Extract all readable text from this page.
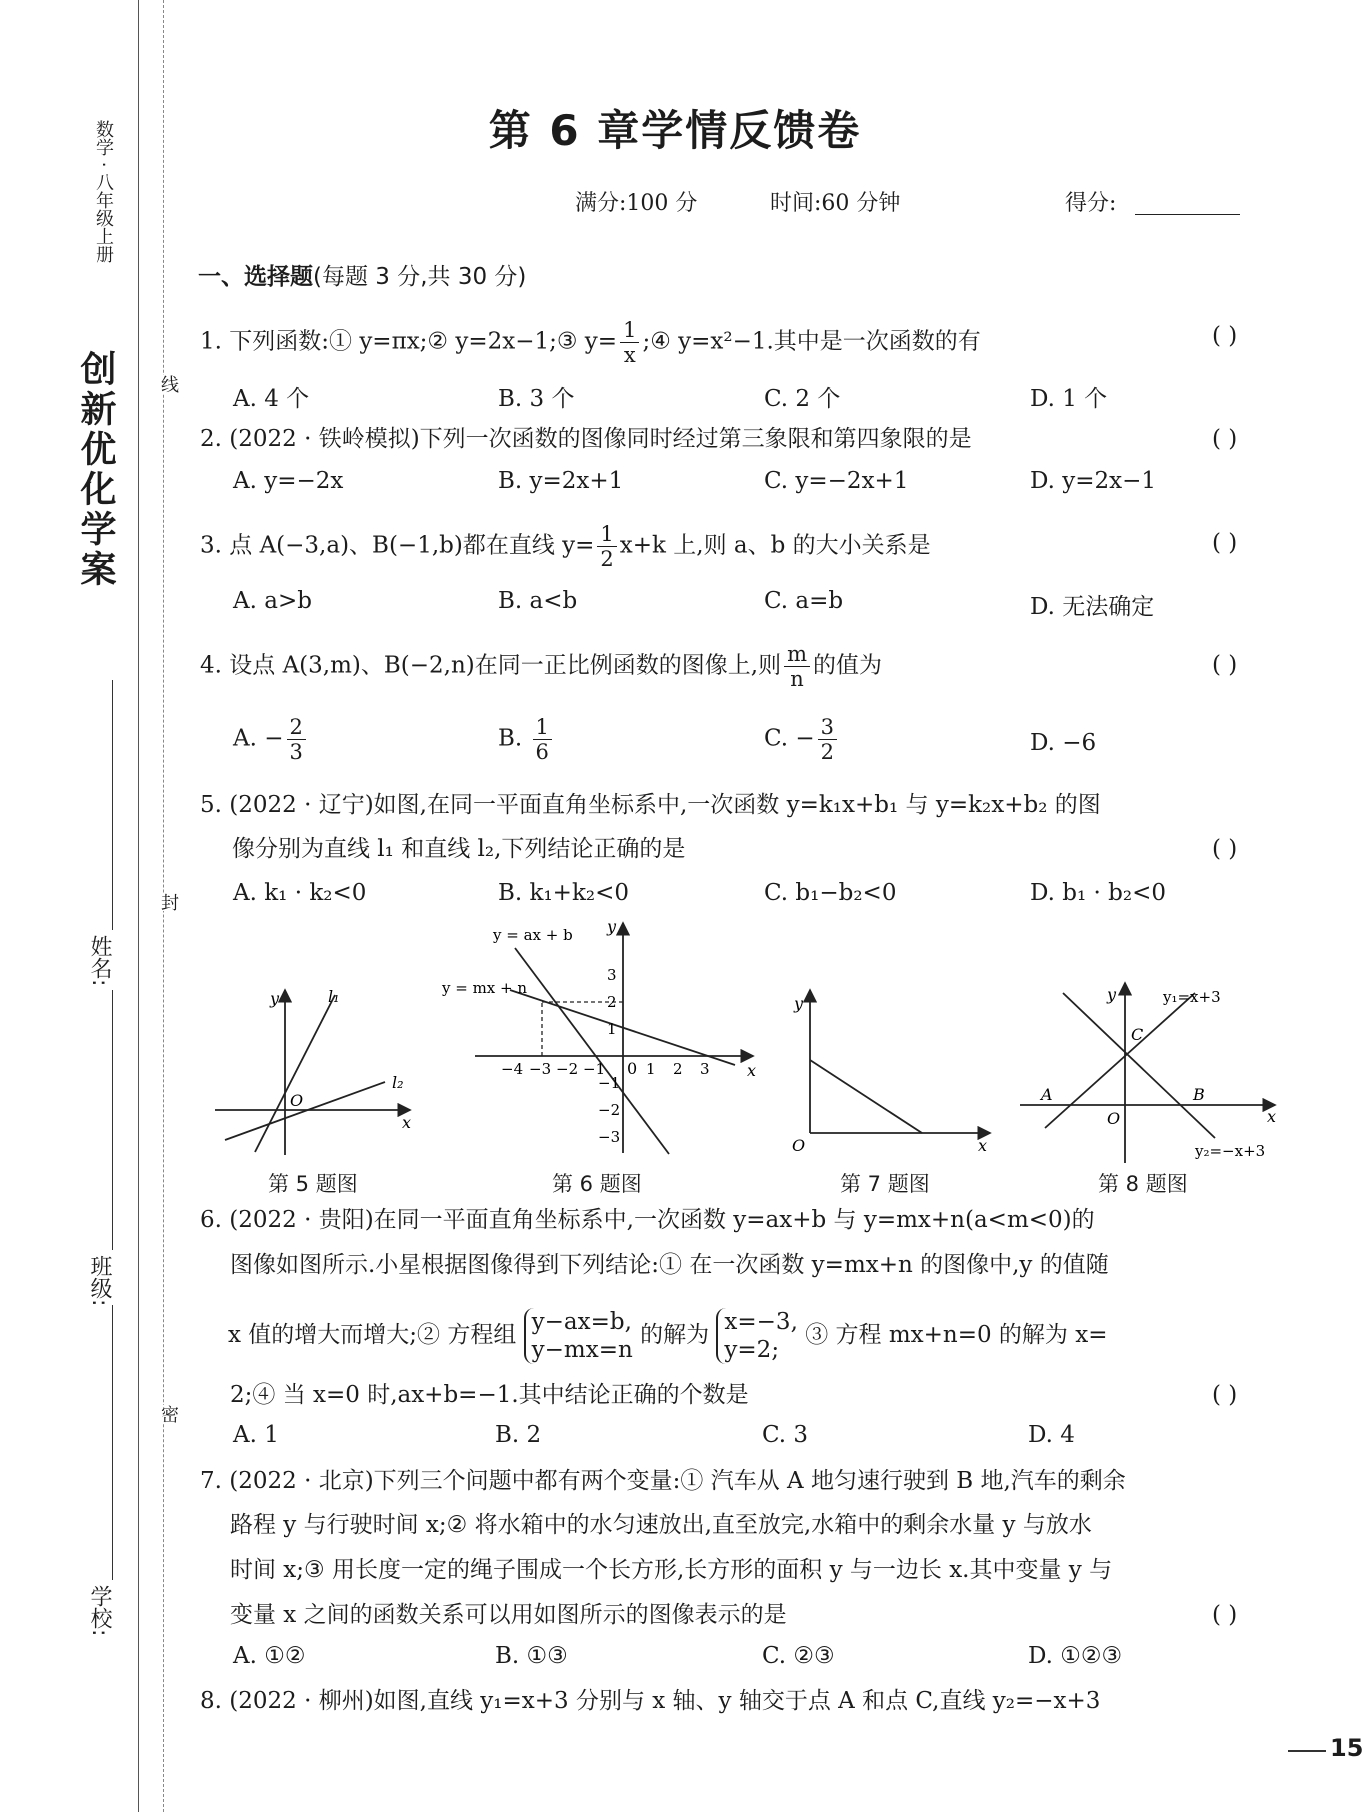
创新优化学案
数学 · 八年级上册
线
封
密
姓名:
班级:
学校:
第 6 章学情反馈卷
满分:100 分	时间:60 分钟	得分:
一、选择题(每题 3 分,共 30 分)
1. 下列函数:① y=πx;② y=2x−1;③ $y= \frac{1}{x}$ ;④ y=x²−1.其中是一次函数的有	( )
A. 4 个	B. 3 个	C. 2 个	D. 1 个
2. (2022 · 铁岭模拟)下列一次函数的图像同时经过第三象限和第四象限的是	( )
A. y=−2x	B. y=2x+1	C. y=−2x+1	D. y=2x−1
3. 点 A(−3,a)、B(−1,b)都在直线 $y= \frac{1}{2} x+k$ 上,则 a、b 的大小关系是	( )
A. a>b	B. a<b	C. a=b	D. 无法确定
4. 设点 A(3,m)、B(−2,n)在同一正比例函数的图像上,则 $\frac{m}{n}$ 的值为	( )
A. − $\frac{2}{3}$	B. $\frac{1}{6}$	C. − $\frac{3}{2}$	D. −6
5. (2022 · 辽宁)如图,在同一平面直角坐标系中,一次函数 y=k₁x+b₁ 与 y=k₂x+b₂ 的图
像分别为直线 l₁ 和直线 l₂,下列结论正确的是	( )
A. k₁ · k₂<0	B. k₁+k₂<0	C. b₁−b₂<0	D. b₁ · b₂<0
y
x
O
l₁
l₂
第 5 题图
y = ax + b
y = mx + n
y
x
0
−4 −3 −2 −1	1 2 3
3
2
1
−1
−2
−3
第 6 题图
y
x
O
第 7 题图
y
x
O
A	B
C
y₁=x+3
y₂=−x+3
第 8 题图
6. (2022 · 贵阳)在同一平面直角坐标系中,一次函数 y=ax+b 与 y=mx+n(a<m<0)的
图像如图所示.小星根据图像得到下列结论:① 在一次函数 y=mx+n 的图像中,y 的值随
x 值的增大而增大;② 方程组 y−ax=b,
y−mx=n
的解为 x=−3,
y=2;
③ 方程 mx+n=0 的解为 x=
2;④ 当 x=0 时,ax+b=−1.其中结论正确的个数是	( )
A. 1	B. 2	C. 3	D. 4
7. (2022 · 北京)下列三个问题中都有两个变量:① 汽车从 A 地匀速行驶到 B 地,汽车的剩余
路程 y 与行驶时间 x;② 将水箱中的水匀速放出,直至放完,水箱中的剩余水量 y 与放水
时间 x;③ 用长度一定的绳子围成一个长方形,长方形的面积 y 与一边长 x.其中变量 y 与
变量 x 之间的函数关系可以用如图所示的图像表示的是	( )
A. ①②	B. ①③	C. ②③	D. ①②③
8. (2022 · 柳州)如图,直线 y₁=x+3 分别与 x 轴、y 轴交于点 A 和点 C,直线 y₂=−x+3
15
